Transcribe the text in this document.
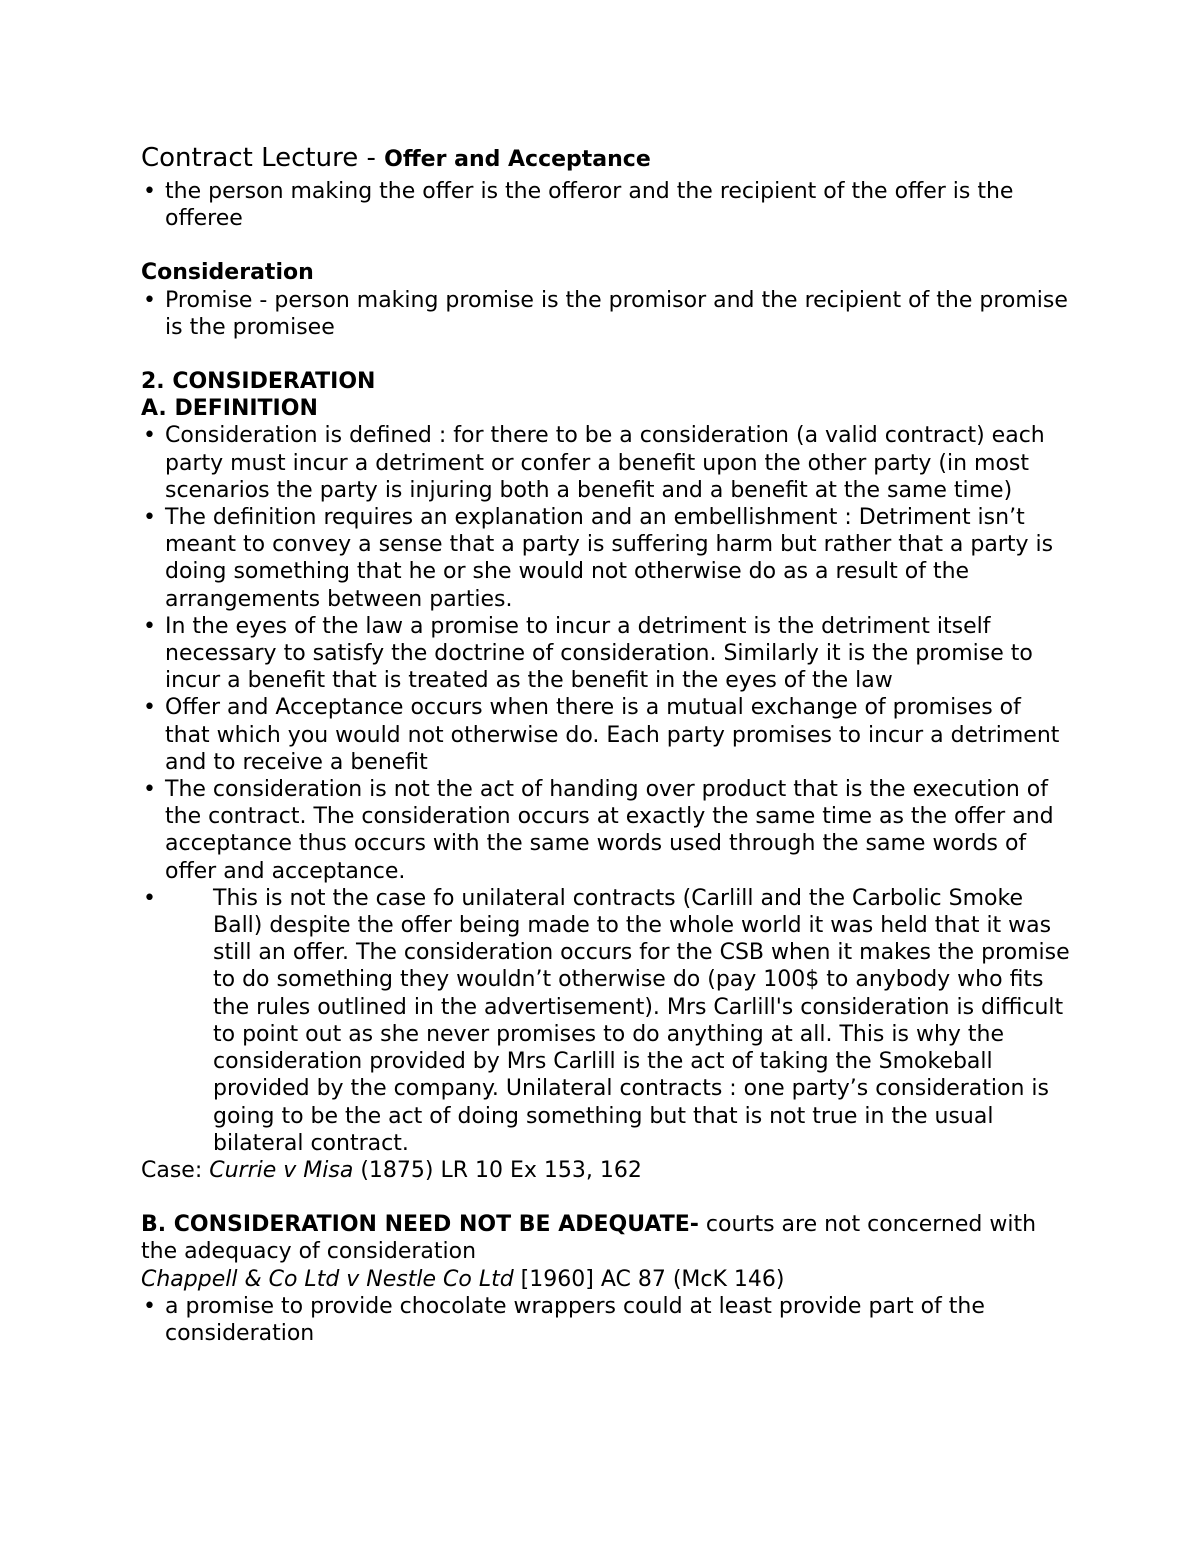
Contract Lecture - Offer and Acceptance

• the person making the offer is the offeror and the recipient of the offer is the offeree

Consideration

• Promise - person making promise is the promisor and the recipient of the promise is the promisee

2. CONSIDERATION

A. DEFINITION

• Consideration is defined : for there to be a consideration (a valid contract) each party must incur a detriment or confer a benefit upon the other party (in most scenarios the party is injuring both a benefit and a benefit at the same time)
• The definition requires an explanation and an embellishment : Detriment isn’t meant to convey a sense that a party is suffering harm but rather that a party is doing something that he or she would not otherwise do as a result of the arrangements between parties.
• In the eyes of the law a promise to incur a detriment is the detriment itself necessary to satisfy the doctrine of consideration. Similarly it is the promise to incur a benefit that is treated as the benefit in the eyes of the law
• Offer and Acceptance occurs when there is a mutual exchange of promises of that which you would not otherwise do. Each party promises to incur a detriment and to receive a benefit
• The consideration is not the act of handing over product that is the execution of the contract. The consideration occurs at exactly the same time as the offer and acceptance thus occurs with the same words used through the same words of offer and acceptance.
•	This is not the case fo unilateral contracts (Carlill and the Carbolic Smoke Ball) despite the offer being made to the whole world it was held that it was still an offer. The consideration occurs for the CSB when it makes the promise to do something they wouldn’t otherwise do (pay 100$ to anybody who fits the rules outlined in the advertisement). Mrs Carlill's consideration is difficult to point out as she never promises to do anything at all. This is why the consideration provided by Mrs Carlill is the act of taking the Smokeball provided by the company. Unilateral contracts : one party’s consideration is going to be the act of doing something but that is not true in the usual bilateral contract.

Case: Currie v Misa (1875) LR 10 Ex 153, 162

B. CONSIDERATION NEED NOT BE ADEQUATE- courts are not concerned with the adequacy of consideration

Chappell & Co Ltd v Nestle Co Ltd [1960] AC 87 (McK 146)

• a promise to provide chocolate wrappers could at least provide part of the consideration
